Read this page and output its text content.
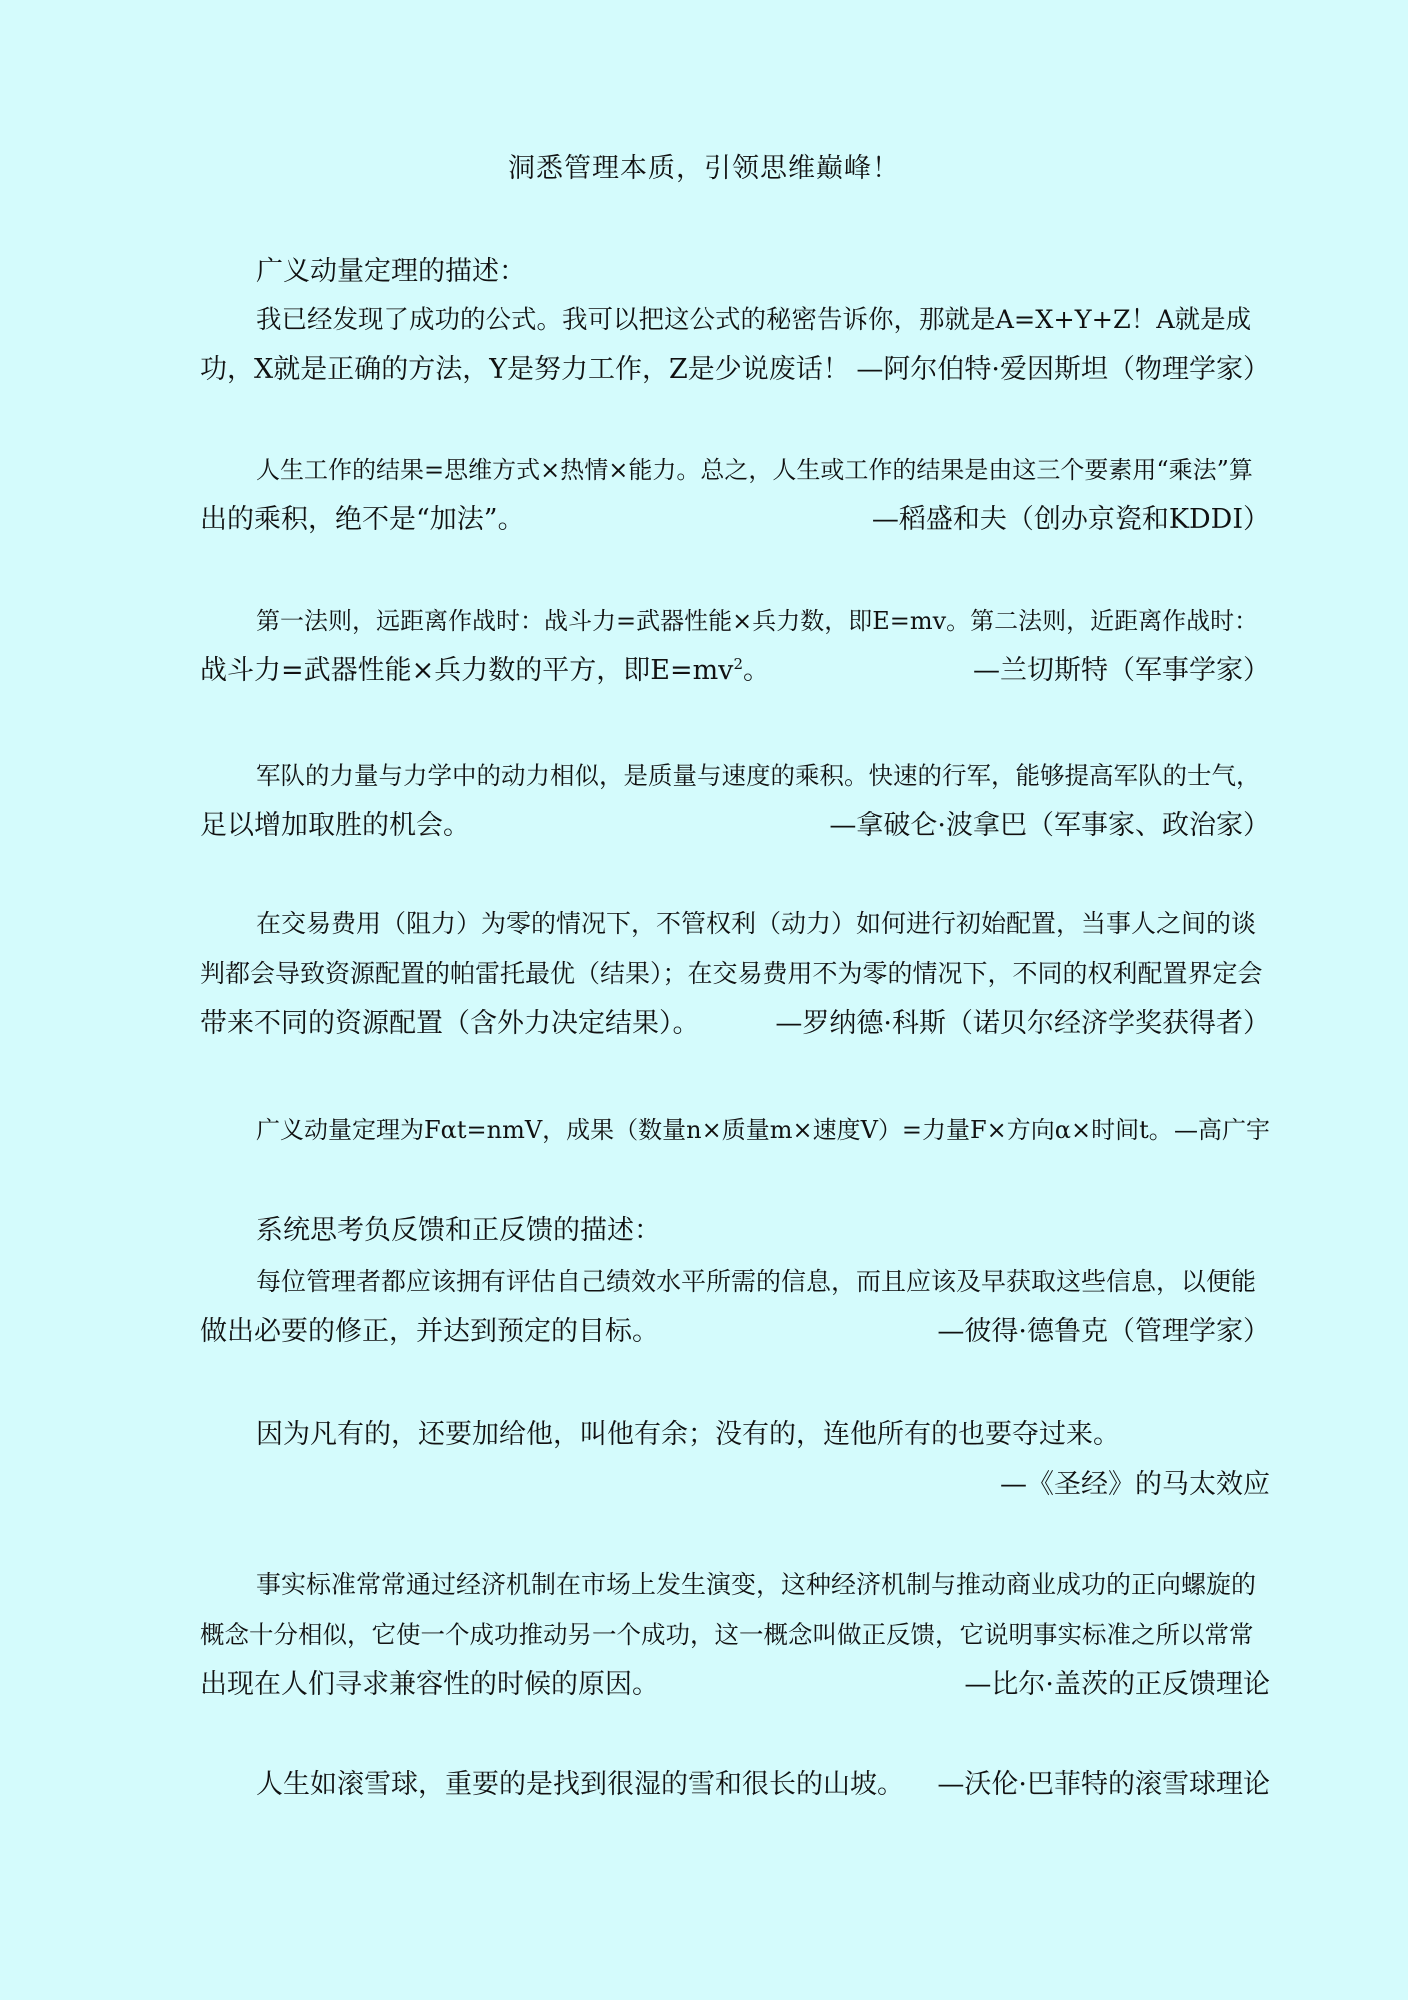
洞悉管理本质，引领思维巅峰！
广义动量定理的描述：
我已经发现了成功的公式。我可以把这公式的秘密告诉你，那就是A=X+Y+Z！A就是成
功，X就是正确的方法，Y是努力工作，Z是少说废话！ —阿尔伯特·爱因斯坦（物理学家）
人生工作的结果=思维方式×热情×能力。总之，人生或工作的结果是由这三个要素用“乘法”算
出的乘积，绝不是“加法”。	—稻盛和夫（创办京瓷和KDDI）
第一法则，远距离作战时：战斗力=武器性能×兵力数，即E=mv。第二法则，近距离作战时：
战斗力=武器性能×兵力数的平方，即$E=mv^2$。	—兰切斯特（军事学家）
军队的力量与力学中的动力相似，是质量与速度的乘积。快速的行军，能够提高军队的士气，
足以增加取胜的机会。	—拿破仑·波拿巴（军事家、政治家）
在交易费用（阻力）为零的情况下，不管权利（动力）如何进行初始配置，当事人之间的谈
判都会导致资源配置的帕雷托最优（结果）；在交易费用不为零的情况下，不同的权利配置界定会
带来不同的资源配置（含外力决定结果）。	—罗纳德·科斯（诺贝尔经济学奖获得者）
广义动量定理为Fαt=nmV，成果（数量n×质量m×速度V）=力量F×方向α×时间t。 —高广宇
系统思考负反馈和正反馈的描述：
每位管理者都应该拥有评估自己绩效水平所需的信息，而且应该及早获取这些信息，以便能
做出必要的修正，并达到预定的目标。	—彼得·德鲁克（管理学家）
因为凡有的，还要加给他，叫他有余；没有的，连他所有的也要夺过来。
—《圣经》的马太效应
事实标准常常通过经济机制在市场上发生演变，这种经济机制与推动商业成功的正向螺旋的
概念十分相似，它使一个成功推动另一个成功，这一概念叫做正反馈，它说明事实标准之所以常常
出现在人们寻求兼容性的时候的原因。	—比尔·盖茨的正反馈理论
人生如滚雪球，重要的是找到很湿的雪和很长的山坡。 —沃伦·巴菲特的滚雪球理论
